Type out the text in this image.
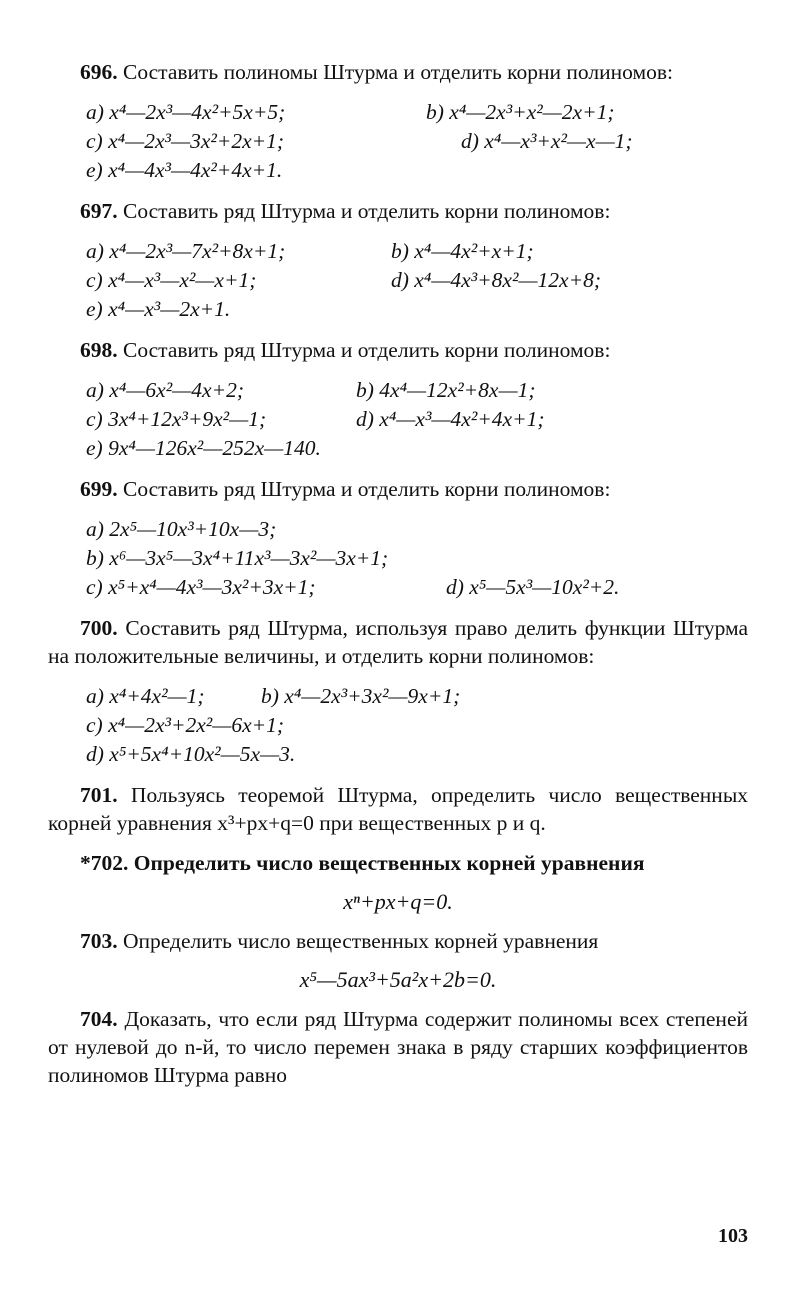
696. Составить полиномы Штурма и отделить корни полиномов:

a) x⁴—2x³—4x²+5x+5;	b) x⁴—2x³+x²—2x+1;
c) x⁴—2x³—3x²+2x+1;	d) x⁴—x³+x²—x—1;
e) x⁴—4x³—4x²+4x+1.

697. Составить ряд Штурма и отделить корни полиномов:

a) x⁴—2x³—7x²+8x+1;	b) x⁴—4x²+x+1;
c) x⁴—x³—x²—x+1;	d) x⁴—4x³+8x²—12x+8;
e) x⁴—x³—2x+1.

698. Составить ряд Штурма и отделить корни полиномов:

a) x⁴—6x²—4x+2;	b) 4x⁴—12x²+8x—1;
c) 3x⁴+12x³+9x²—1;	d) x⁴—x³—4x²+4x+1;
e) 9x⁴—126x²—252x—140.

699. Составить ряд Штурма и отделить корни полиномов:

a) 2x⁵—10x³+10x—3;
b) x⁶—3x⁵—3x⁴+11x³—3x²—3x+1;
c) x⁵+x⁴—4x³—3x²+3x+1;	d) x⁵—5x³—10x²+2.

700. Составить ряд Штурма, используя право делить функции Штурма на положительные величины, и отделить корни полиномов:

a) x⁴+4x²—1;	b) x⁴—2x³+3x²—9x+1;
c) x⁴—2x³+2x²—6x+1;
d) x⁵+5x⁴+10x²—5x—3.

701. Пользуясь теоремой Штурма, определить число вещественных корней уравнения x³+px+q=0 при вещественных p и q.

*702. Определить число вещественных корней уравнения

xⁿ+px+q=0.

703. Определить число вещественных корней уравнения

x⁵—5ax³+5a²x+2b=0.

704. Доказать, что если ряд Штурма содержит полиномы всех степеней от нулевой до n-й, то число перемен знака в ряду старших коэффициентов полиномов Штурма равно

103
